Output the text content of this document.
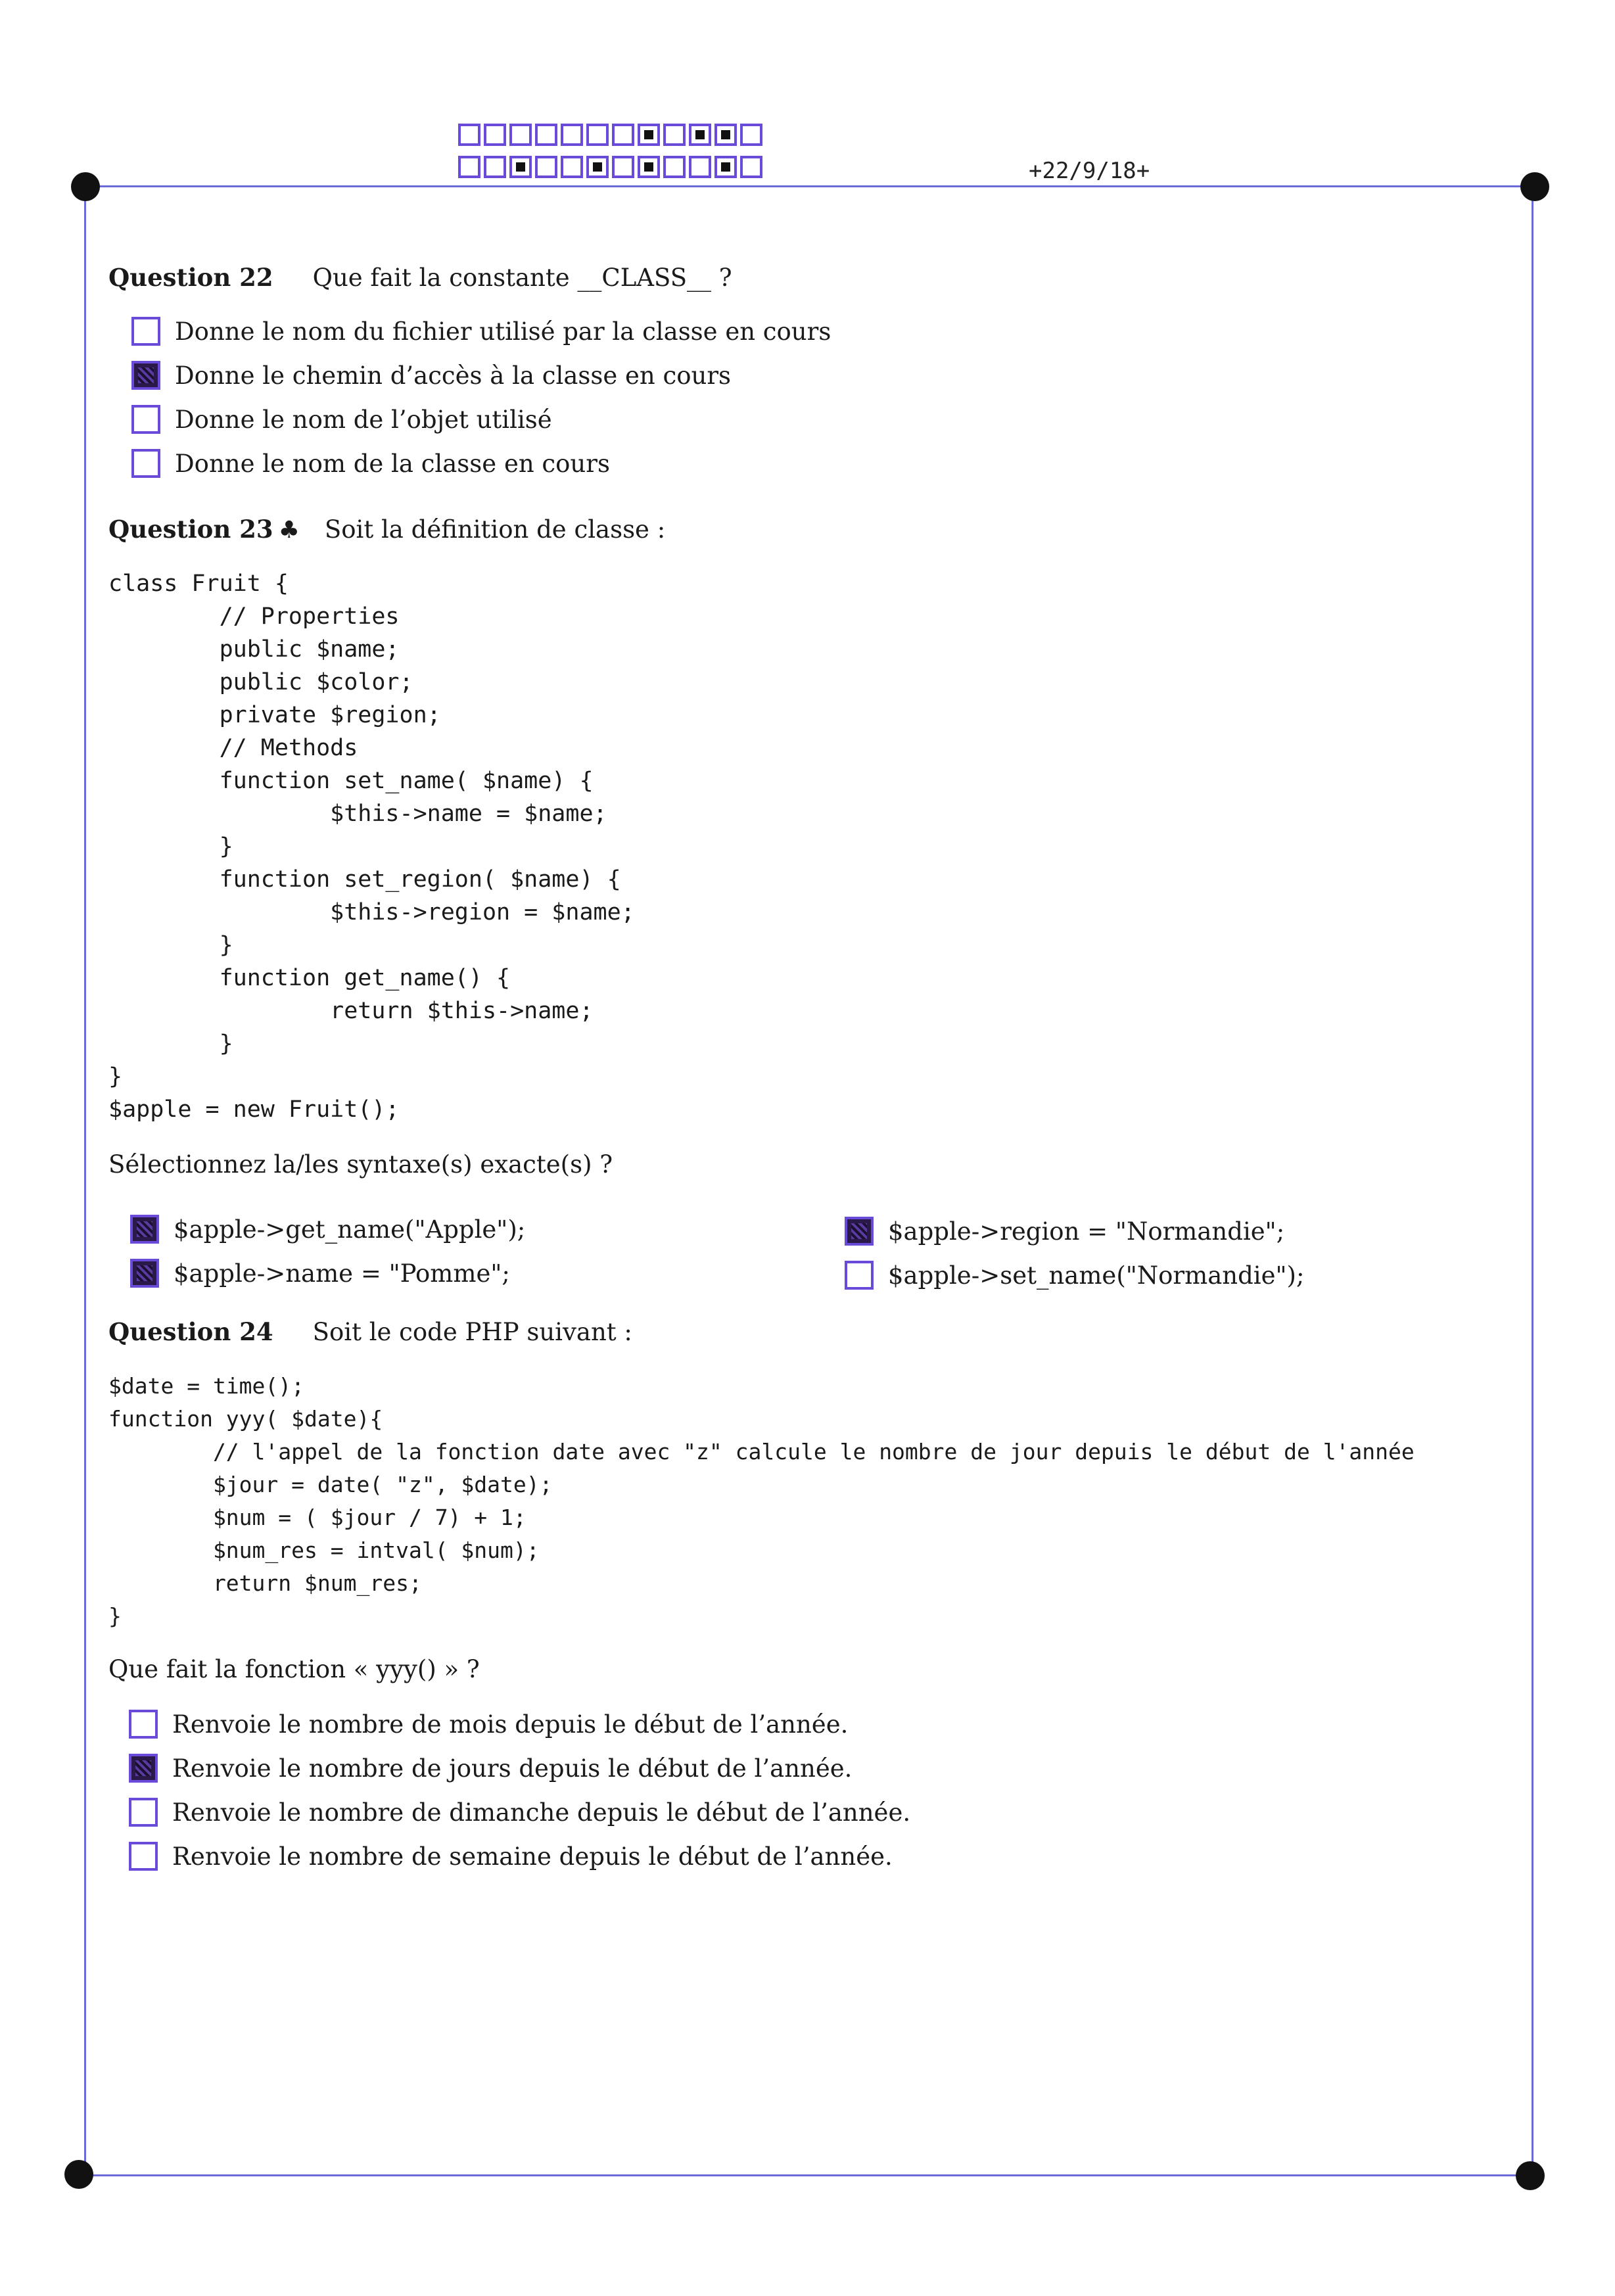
+22/9/18+
Question 22 Que fait la constante __CLASS__ ?
Donne le nom du fichier utilisé par la classe en cours
Donne le chemin d’accès à la classe en cours
Donne le nom de l’objet utilisé
Donne le nom de la classe en cours
Question 23 ♣ Soit la définition de classe :
class Fruit {
// Properties
public $name;
public $color;
private $region;
// Methods
function set_name( $name) {
$this->name = $name;
}
function set_region( $name) {
$this->region = $name;
}
function get_name() {
return $this->name;
}
}
$apple = new Fruit();
Sélectionnez la/les syntaxe(s) exacte(s) ?
$apple->get_name("Apple");
$apple->name = "Pomme";
$apple->region = "Normandie";
$apple->set_name("Normandie");
Question 24 Soit le code PHP suivant :
$date = time();
function yyy( $date){
// l'appel de la fonction date avec "z" calcule le nombre de jour depuis le début de l'année
$jour = date( "z", $date);
$num = ( $jour / 7) + 1;
$num_res = intval( $num);
return $num_res;
}
Que fait la fonction « yyy() » ?
Renvoie le nombre de mois depuis le début de l’année.
Renvoie le nombre de jours depuis le début de l’année.
Renvoie le nombre de dimanche depuis le début de l’année.
Renvoie le nombre de semaine depuis le début de l’année.
